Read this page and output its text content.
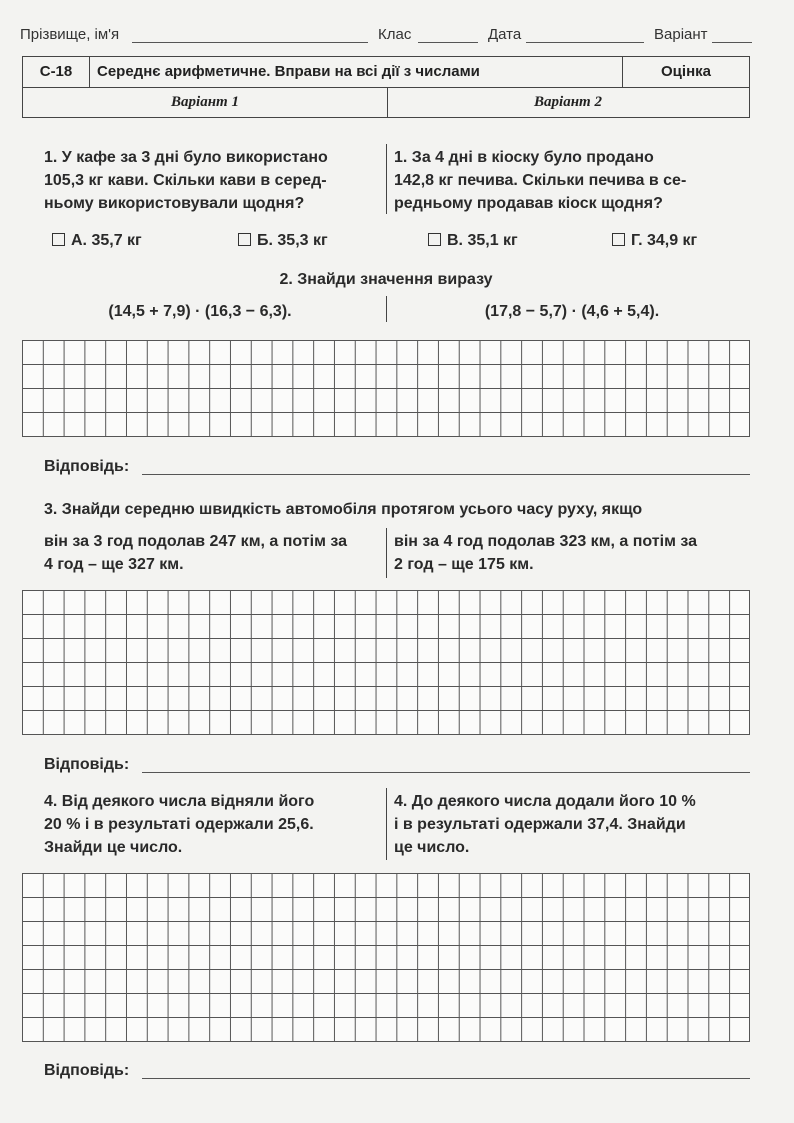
Прізвище, ім'я	Клас	Дата	Варіант
С-18	Середнє арифметичне. Вправи на всі дії з числами	Оцінка
Варіант 1	Варіант 2
1. У кафе за 3 дні було використано
105,3 кг кави. Скільки кави в серед-
ньому використовували щодня?
1. За 4 дні в кіоску було продано
142,8 кг печива. Скільки печива в се-
редньому продавав кіоск щодня?
А. 35,7 кг	Б. 35,3 кг	В. 35,1 кг	Г. 34,9 кг
2. Знайди значення виразу
(14,5 + 7,9) · (16,3 − 6,3).	(17,8 − 5,7) · (4,6 + 5,4).
Відповідь:
3. Знайди середню швидкість автомобіля протягом усього часу руху, якщо
він за 3 год подолав 247 км, а потім за
4 год – ще 327 км.
він за 4 год подолав 323 км, а потім за
2 год – ще 175 км.
Відповідь:
4. Від деякого числа відняли його
20 % і в результаті одержали 25,6.
Знайди це число.
4. До деякого числа додали його 10 %
і в результаті одержали 37,4. Знайди
це число.
Відповідь:
